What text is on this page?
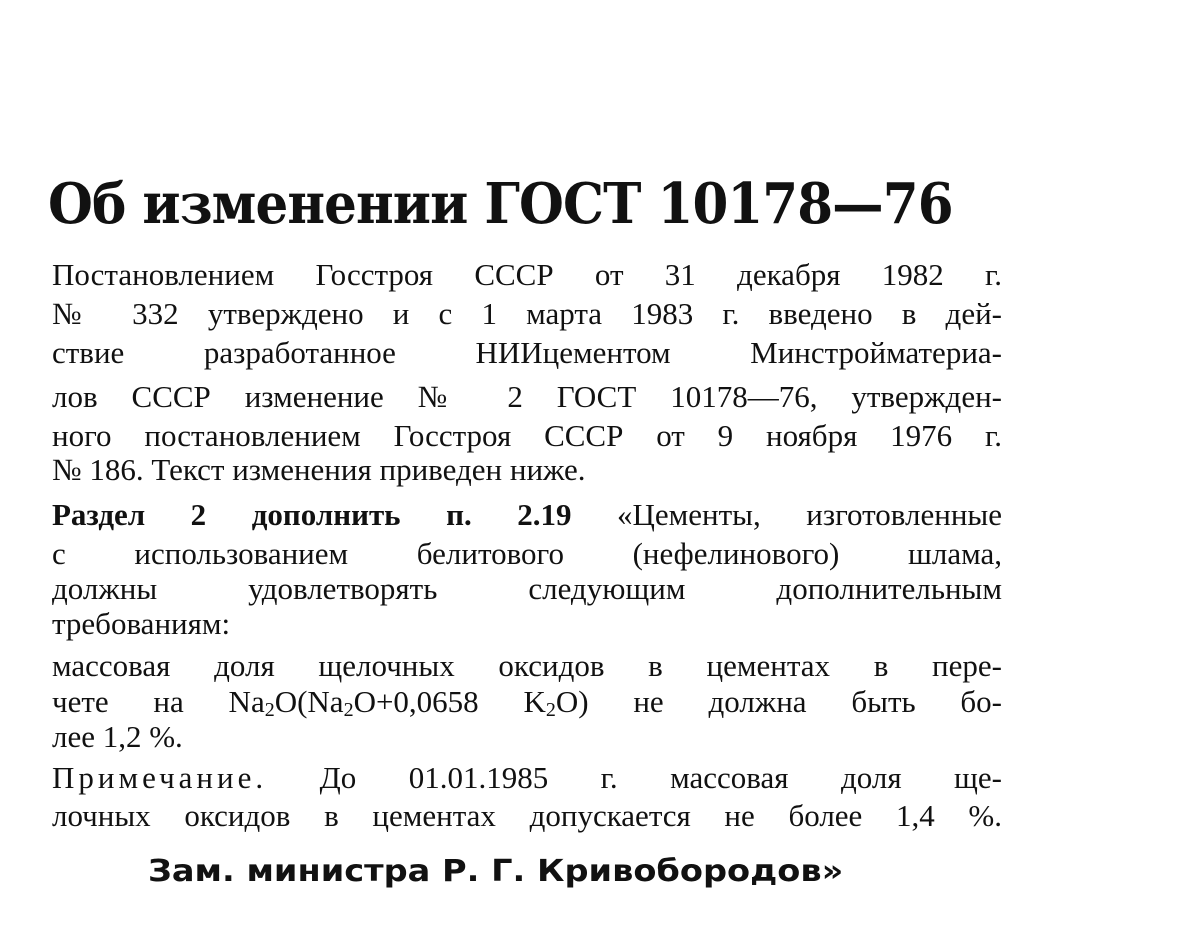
Об изменении ГОСТ 10178—76
Постановлением Госстроя СССР от 31 декабря 1982 г.
№ 332 утверждено и с 1 марта 1983 г. введено в дей-
ствие разработанное НИИцементом Минстройматериа-
лов СССР изменение № 2 ГОСТ 10178—76, утвержден-
ного постановлением Госстроя СССР от 9 ноября 1976 г.
№ 186. Текст изменения приведен ниже.
Раздел 2 дополнить п. 2.19 «Цементы, изготовленные
с использованием белитового (нефелинового) шлама,
должны удовлетворять следующим дополнительным
требованиям:
массовая доля щелочных оксидов в цементах в пере-
чете на $Na_2O(Na_2O+0,0658$ $K_2O$) не должна быть бо-
лее 1,2 %.
Примечание. До 01.01.1985 г. массовая доля ще-
лочных оксидов в цементах допускается не более 1,4 %.
Зам. министра Р. Г. Кривобородов»
